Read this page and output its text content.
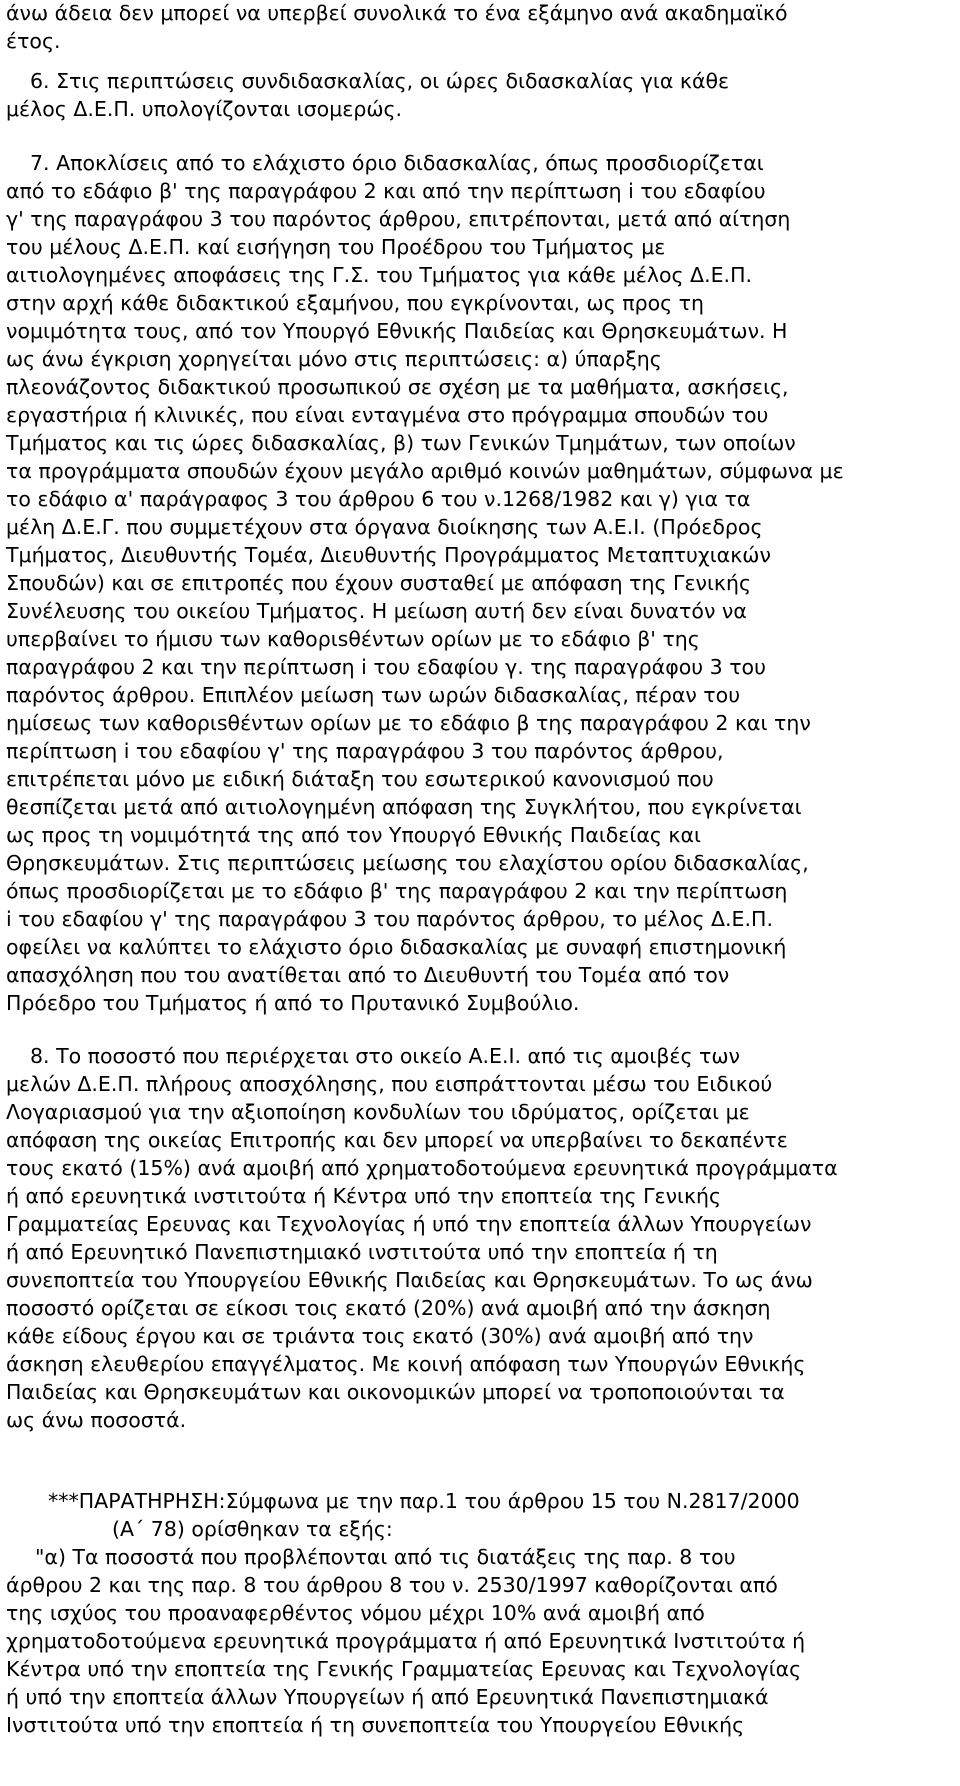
άνω άδεια δεν μπορεί να υπερβεί συνολικά το ένα εξάμηνο ανά ακαδημαϊκό
έτος.
6. Στις περιπτώσεις συνδιδασκαλίας, οι ώρες διδασκαλίας για κάθε
μέλος Δ.Ε.Π. υπολογίζονται ισομερώς.
7. Αποκλίσεις από το ελάχιστο όριο διδασκαλίας, όπως προσδιορίζεται
από το εδάφιο β' της παραγράφου 2 και από την περίπτωση i του εδαφίου
γ' της παραγράφου 3 του παρόντος άρθρου, επιτρέπονται, μετά από αίτηση
του μέλους Δ.Ε.Π. καί εισήγηση του Προέδρου του Τμήματος με
αιτιολογημένες αποφάσεις της Γ.Σ. του Τμήματος για κάθε μέλος Δ.Ε.Π.
στην αρχή κάθε διδακτικού εξαμήνου, που εγκρίνονται, ως προς τη
νομιμότητα τους, από τον Υπουργό Εθνικής Παιδείας και Θρησκευμάτων. Η
ως άνω έγκριση χορηγείται μόνο στις περιπτώσεις: α) ύπαρξης
πλεονάζοντος διδακτικού προσωπικού σε σχέση με τα μαθήματα, ασκήσεις,
εργαστήρια ή κλινικές, που είναι ενταγμένα στο πρόγραμμα σπουδών του
Τμήματος και τις ώρες διδασκαλίας, β) των Γενικών Τμημάτων, των οποίων
τα προγράμματα σπουδών έχουν μεγάλο αριθμό κοινών μαθημάτων, σύμφωνα με
το εδάφιο α' παράγραφος 3 του άρθρου 6 του ν.1268/1982 και γ) για τα
μέλη Δ.Ε.Γ. που συμμετέχουν στα όργανα διοίκησης των Α.Ε.Ι. (Πρόεδρος
Τμήματος, Διευθυντής Τομέα, Διευθυντής Προγράμματος Μεταπτυχιακών
Σπουδών) και σε επιτροπές που έχουν συσταθεί με απόφαση της Γενικής
Συνέλευσης του οικείου Τμήματος. Η μείωση αυτή δεν είναι δυνατόν να
υπερβαίνει το ήμισυ των καθοριsθέντων ορίων με το εδάφιο β' της
παραγράφου 2 και την περίπτωση i του εδαφίου γ. της παραγράφου 3 του
παρόντος άρθρου. Επιπλέον μείωση των ωρών διδασκαλίας, πέραν του
ημίσεως των καθοριsθέντων ορίων με το εδάφιο β της παραγράφου 2 και την
περίπτωση i του εδαφίου γ' της παραγράφου 3 του παρόντος άρθρου,
επιτρέπεται μόνο με ειδική διάταξη του εσωτερικού κανονισμού που
θεσπίζεται μετά από αιτιολογημένη απόφαση της Συγκλήτου, που εγκρίνεται
ως προς τη νομιμότητά της από τον Υπουργό Εθνικής Παιδείας και
Θρησκευμάτων. Στις περιπτώσεις μείωσης του ελαχίστου ορίου διδασκαλίας,
όπως προσδιορίζεται με το εδάφιο β' της παραγράφου 2 και την περίπτωση
i του εδαφίου γ' της παραγράφου 3 του παρόντος άρθρου, το μέλος Δ.Ε.Π.
οφείλει να καλύπτει το ελάχιστο όριο διδασκαλίας με συναφή επιστημονική
απασχόληση που του ανατίθεται από το Διευθυντή του Τομέα από τον
Πρόεδρο του Τμήματος ή από το Πρυτανικό Συμβούλιο.
8. Το ποσοστό που περιέρχεται στο οικείο Α.Ε.Ι. από τις αμοιβές των
μελών Δ.Ε.Π. πλήρους αποσχόλησης, που εισπράττονται μέσω του Ειδικού
Λογαριασμού για την αξιοποίηση κονδυλίων του ιδρύματος, ορίζεται με
απόφαση της οικείας Επιτροπής και δεν μπορεί να υπερβαίνει το δεκαπέντε
τους εκατό (15%) ανά αμοιβή από χρηματοδοτούμενα ερευνητικά προγράμματα
ή από ερευνητικά ινστιτούτα ή Κέντρα υπό την εποπτεία της Γενικής
Γραμματείας Ερευνας και Τεχνολογίας ή υπό την εποπτεία άλλων Υπουργείων
ή από Ερευνητικό Πανεπιστημιακό ινστιτούτα υπό την εποπτεία ή τη
συνεποπτεία του Υπουργείου Εθνικής Παιδείας και Θρησκευμάτων. Το ως άνω
ποσοστό ορίζεται σε είκοσι τοις εκατό (20%) ανά αμοιβή από την άσκηση
κάθε είδους έργου και σε τριάντα τοις εκατό (30%) ανά αμοιβή από την
άσκηση ελευθερίου επαγγέλματος. Με κοινή απόφαση των Υπουργών Εθνικής
Παιδείας και Θρησκευμάτων και οικονομικών μπορεί να τροποποιούνται τα
ως άνω ποσοστά.
***ΠΑΡΑΤΗΡΗΣΗ:Σύμφωνα με την παρ.1 του άρθρου 15 του Ν.2817/2000
(Α΄ 78) ορίσθηκαν τα εξής:
"α) Τα ποσοστά που προβλέπονται από τις διατάξεις της παρ. 8 του
άρθρου 2 και της παρ. 8 του άρθρου 8 του ν. 2530/1997 καθορίζονται από
της ισχύος του προαναφερθέντος νόμου μέχρι 10% ανά αμοιβή από
χρηματοδοτούμενα ερευνητικά προγράμματα ή από Ερευνητικά Ινστιτούτα ή
Κέντρα υπό την εποπτεία της Γενικής Γραμματείας Ερευνας και Τεχνολογίας
ή υπό την εποπτεία άλλων Υπουργείων ή από Ερευνητικά Πανεπιστημιακά
Ινστιτούτα υπό την εποπτεία ή τη συνεποπτεία του Υπουργείου Εθνικής
